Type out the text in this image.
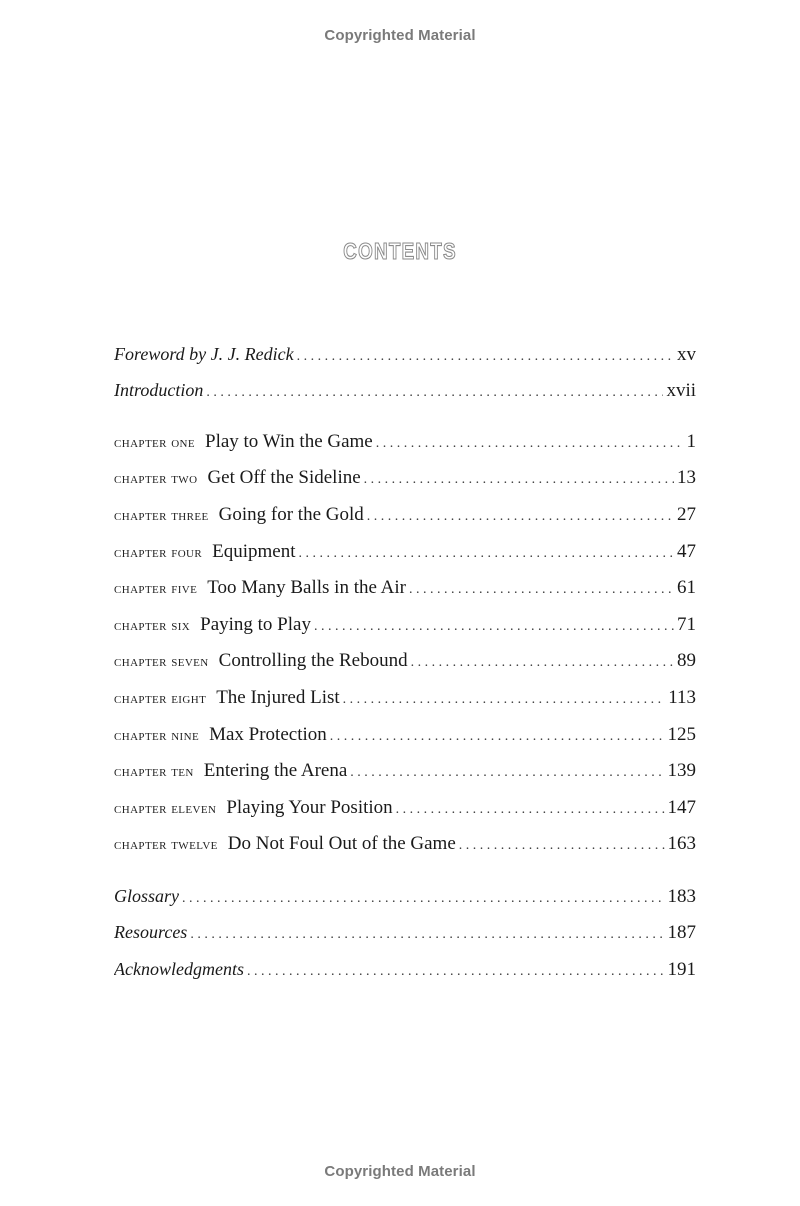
Copyrighted Material
CONTENTS
Foreword by J. J. Redick . . .	xv
Introduction . . .	xvii
chapter one Play to Win the Game . . .	1
chapter two Get Off the Sideline . . .	13
chapter three Going for the Gold . . .	27
chapter four Equipment . . .	47
chapter five Too Many Balls in the Air . . .	61
chapter six Paying to Play . . .	71
chapter seven Controlling the Rebound . . .	89
chapter eight The Injured List . . .	113
chapter nine Max Protection . . .	125
chapter ten Entering the Arena . . .	139
chapter eleven Playing Your Position . . .	147
chapter twelve Do Not Foul Out of the Game . . .	163
Glossary . . .	183
Resources . . .	187
Acknowledgments . . .	191
Copyrighted Material
